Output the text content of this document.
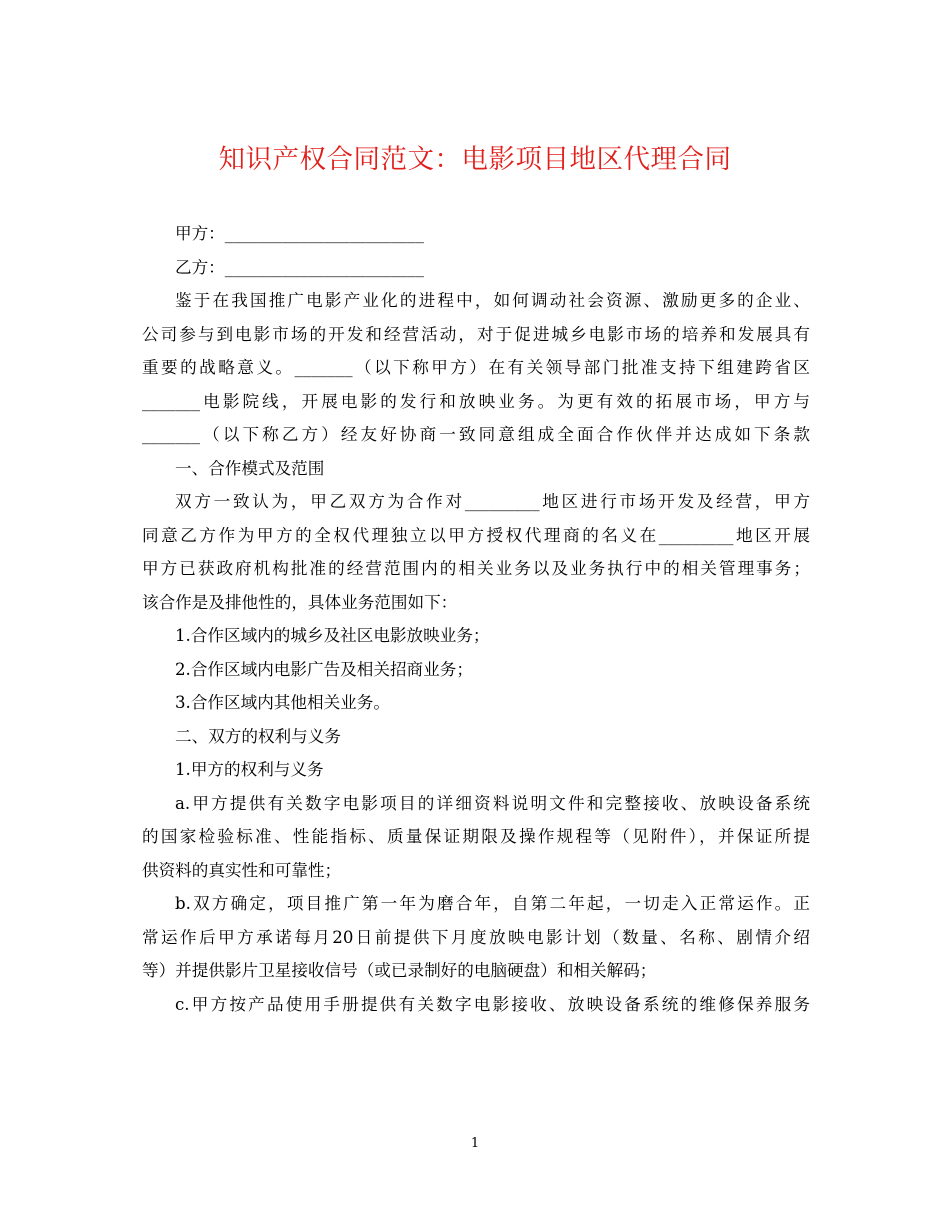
知识产权合同范文：电影项目地区代理合同

甲方：________________________

乙方：________________________

鉴于在我国推广电影产业化的进程中，如何调动社会资源、激励更多的企业、

公司参与到电影市场的开发和经营活动，对于促进城乡电影市场的培养和发展具有

重要的战略意义。_______（以下称甲方）在有关领导部门批准支持下组建跨省区

_______电影院线，开展电影的发行和放映业务。为更有效的拓展市场，甲方与

_______（以下称乙方）经友好协商一致同意组成全面合作伙伴并达成如下条款

一、合作模式及范围

双方一致认为，甲乙双方为合作对_________地区进行市场开发及经营，甲方

同意乙方作为甲方的全权代理独立以甲方授权代理商的名义在_________地区开展

甲方已获政府机构批准的经营范围内的相关业务以及业务执行中的相关管理事务；

该合作是及排他性的，具体业务范围如下：

1.合作区域内的城乡及社区电影放映业务；

2.合作区域内电影广告及相关招商业务；

3.合作区域内其他相关业务。

二、双方的权利与义务

1.甲方的权利与义务

a.甲方提供有关数字电影项目的详细资料说明文件和完整接收、放映设备系统

的国家检验标准、性能指标、质量保证期限及操作规程等（见附件），并保证所提

供资料的真实性和可靠性；

b.双方确定，项目推广第一年为磨合年，自第二年起，一切走入正常运作。正

常运作后甲方承诺每月20日前提供下月度放映电影计划（数量、名称、剧情介绍

等）并提供影片卫星接收信号（或已录制好的电脑硬盘）和相关解码；

c.甲方按产品使用手册提供有关数字电影接收、放映设备系统的维修保养服务

1
